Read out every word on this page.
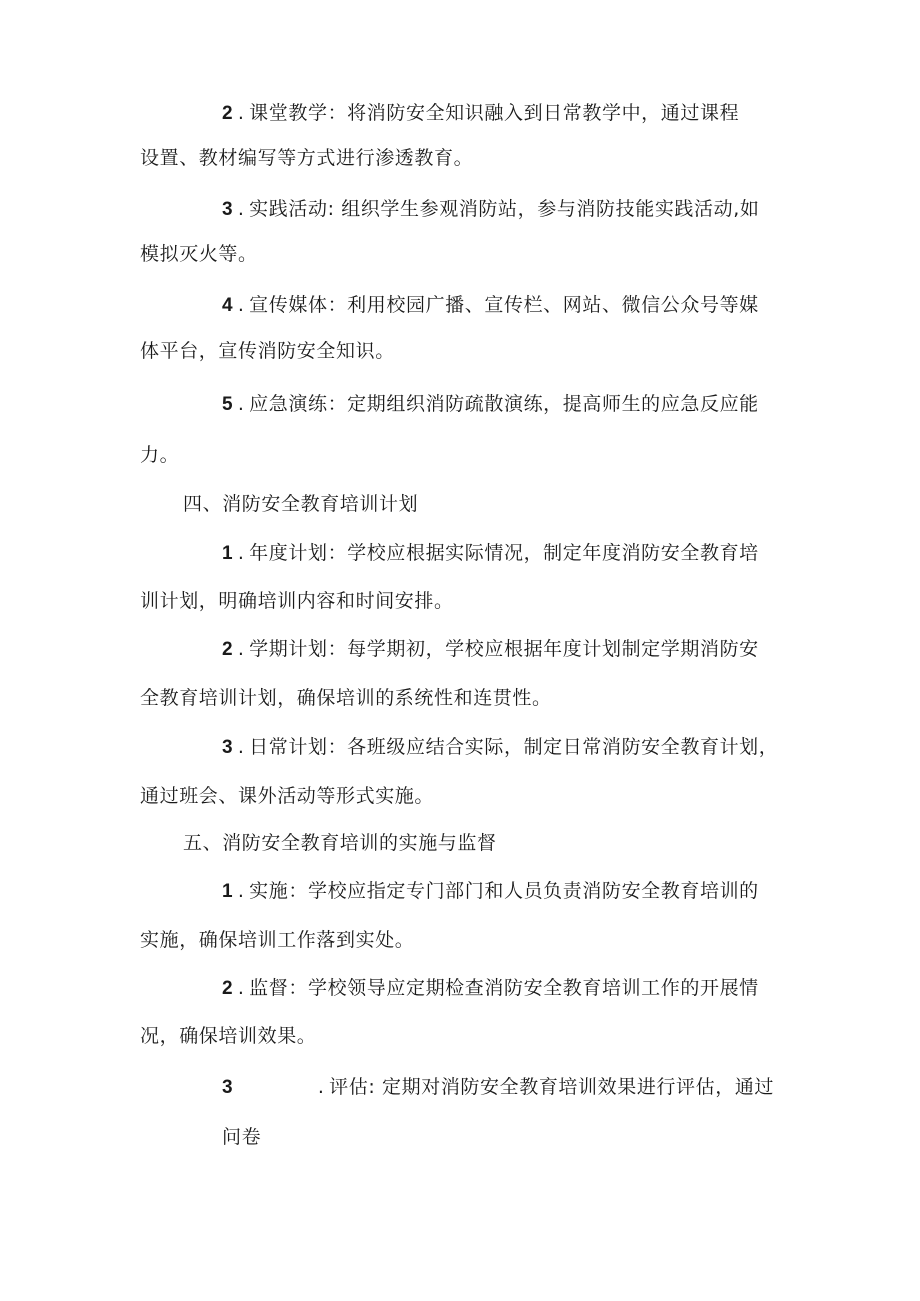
2 . 课堂教学：将消防安全知识融入到日常教学中，通过课程
设置、教材编写等方式进行渗透教育。
3 . 实践活动: 组织学生参观消防站，参与消防技能实践活动,如
模拟灭火等。
4 . 宣传媒体：利用校园广播、宣传栏、网站、微信公众号等媒
体平台，宣传消防安全知识。
5 . 应急演练：定期组织消防疏散演练，提高师生的应急反应能
力。
四、消防安全教育培训计划
1 . 年度计划：学校应根据实际情况，制定年度消防安全教育培
训计划，明确培训内容和时间安排。
2 . 学期计划：每学期初，学校应根据年度计划制定学期消防安
全教育培训计划，确保培训的系统性和连贯性。
3 . 日常计划：各班级应结合实际，制定日常消防安全教育计划，
通过班会、课外活动等形式实施。
五、消防安全教育培训的实施与监督
1 . 实施：学校应指定专门部门和人员负责消防安全教育培训的
实施，确保培训工作落到实处。
2 . 监督：学校领导应定期检查消防安全教育培训工作的开展情
况，确保培训效果。
3	. 评估: 定期对消防安全教育培训效果进行评估，通过
问卷
